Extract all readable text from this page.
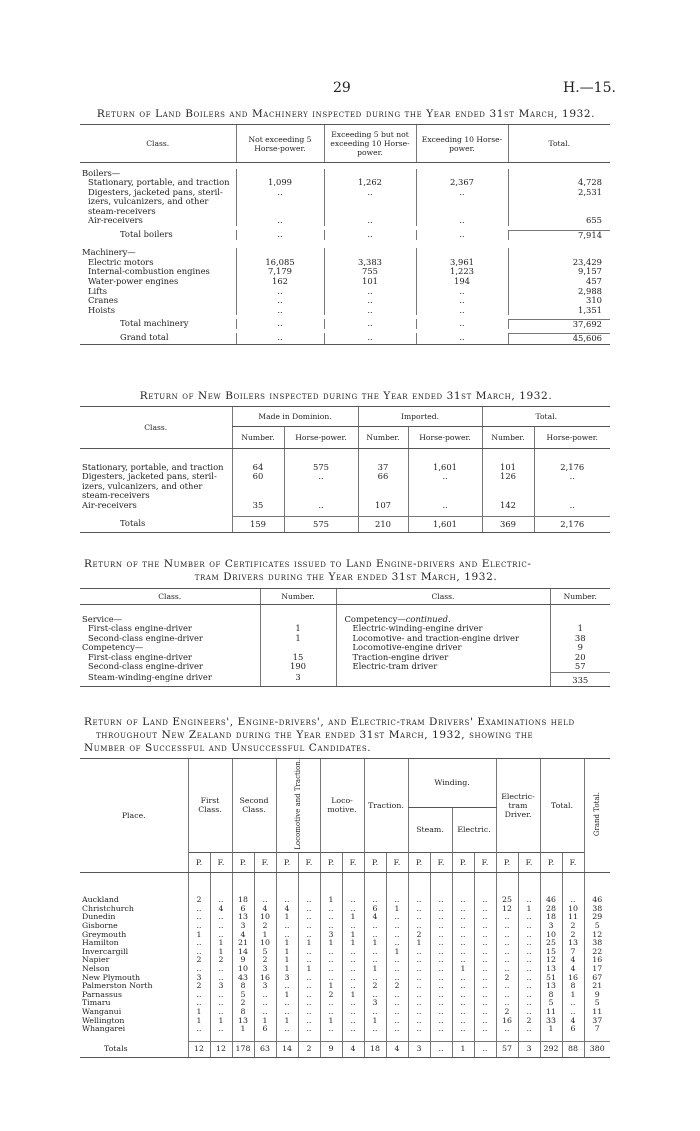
29	H.—15.
Return of Land Boilers and Machinery inspected during the Year ended 31st March, 1932.
Class.	Not exceeding 5 Horse-power.	Exceeding 5 but not exceeding 10 Horse-power.	Exceeding 10 Horse-power.	Total.

Boilers—				
Stationary, portable, and traction	1,099	1,262	2,367	4,728
Digesters, jacketed pans, steril-	..	..	..	2,531
izers, vulcanizers, and other				
steam-receivers				
Air-receivers	..	..	..	655

Total boilers	..	..	..	7,914

Machinery—				
Electric motors	16,085	3,383	3,961	23,429
Internal-combustion engines	7,179	755	1,223	9,157
Water-power engines	162	101	194	457
Lifts	..	..	..	2,988
Cranes	..	..	..	310
Hoists	..	..	..	1,351

Total machinery	..	..	..	37,692

Grand total	..	..	..	45,606
Return of New Boilers inspected during the Year ended 31st March, 1932.
Class.	Made in Dominion.		Imported.		Total.	
	Number.	Horse-power.	Number.	Horse-power.	Number.	Horse-power.

Stationary, portable, and traction	64	575	37	1,601	101	2,176
Digesters, jacketed pans, steril-	60	..	66	..	126	..
izers, vulcanizers, and other						
steam-receivers						
Air-receivers	35	..	107	..	142	..

Totals	159	575	210	1,601	369	2,176
Return of the Number of Certificates issued to Land Engine-drivers and Electric-
tram Drivers during the Year ended 31st March, 1932.
Class.	Number.	Class.	Number.

Service—		Competency—continued.	
First-class engine-driver	1	Electric-winding-engine driver	1
Second-class engine-driver	1	Locomotive- and traction-engine driver	38
Competency—		Locomotive-engine driver	9
First-class engine-driver	15	Traction-engine driver	20
Second-class engine-driver	190	Electric-tram driver	57
Steam-winding-engine driver	3		335
Return of Land Engineers', Engine-drivers', and Electric-tram Drivers' Examinations held
throughout New Zealand during the Year ended 31st March, 1932, showing the
Number of Successful and Unsuccessful Candidates.
Place.	First Class.		Second Class.		Locomotive and Traction.		Loco-motive.		Traction.		Winding.				Electric-tram Driver.		Total.		Grand Total.
											Steam.		Electric.						
	P.	F.	P.	F.	P.	F.	P.	F.	P.	F.	P.	F.	P.	F.	P.	F.	P.	F.	

Auckland	2	..	18	..	..	..	1	..	..	..	..	..	..	..	25	..	46	..	46
Christchurch	..	4	6	4	4	..	..	..	6	1	..	..	..	..	12	1	28	10	38
Dunedin	..	..	13	10	1	..	..	1	4	..	..	..	..	..	..	..	18	11	29
Gisborne	..	..	3	2	..	..	..	..	..	..	..	..	..	..	..	..	3	2	5
Greymouth	1	..	4	1	..	..	3	1	..	..	2	..	..	..	..	..	10	2	12
Hamilton	..	1	21	10	1	1	1	1	1	..	1	..	..	..	..	..	25	13	38
Invercargill	..	1	14	5	1	..	..	..	..	1	..	..	..	..	..	..	15	7	22
Napier	2	2	9	2	1	..	..	..	..	..	..	..	..	..	..	..	12	4	16
Nelson	..	..	10	3	1	1	..	..	1	..	..	..	1	..	..	..	13	4	17
New Plymouth	3	..	43	16	3	..	..	..	..	..	..	..	..	..	2	..	51	16	67
Palmerston North	2	3	8	3	..	..	1	..	2	2	..	..	..	..	..	..	13	8	21
Parnassus	..	..	5	..	1	..	2	1	..	..	..	..	..	..	..	..	8	1	9
Timaru	..	..	2	..	..	..	..	..	3	..	..	..	..	..	..	..	5	..	5
Wanganui	1	..	8	..	..	..	..	..	..	..	..	..	..	..	2	..	11	..	11
Wellington	1	1	13	1	1	..	1	..	1	..	..	..	..	..	16	2	33	4	37
Whangarei	..	..	1	6	..	..	..	..	..	..	..	..	..	..	..	..	1	6	7

Totals	12	12	178	63	14	2	9	4	18	4	3	..	1	..	57	3	292	88	380
